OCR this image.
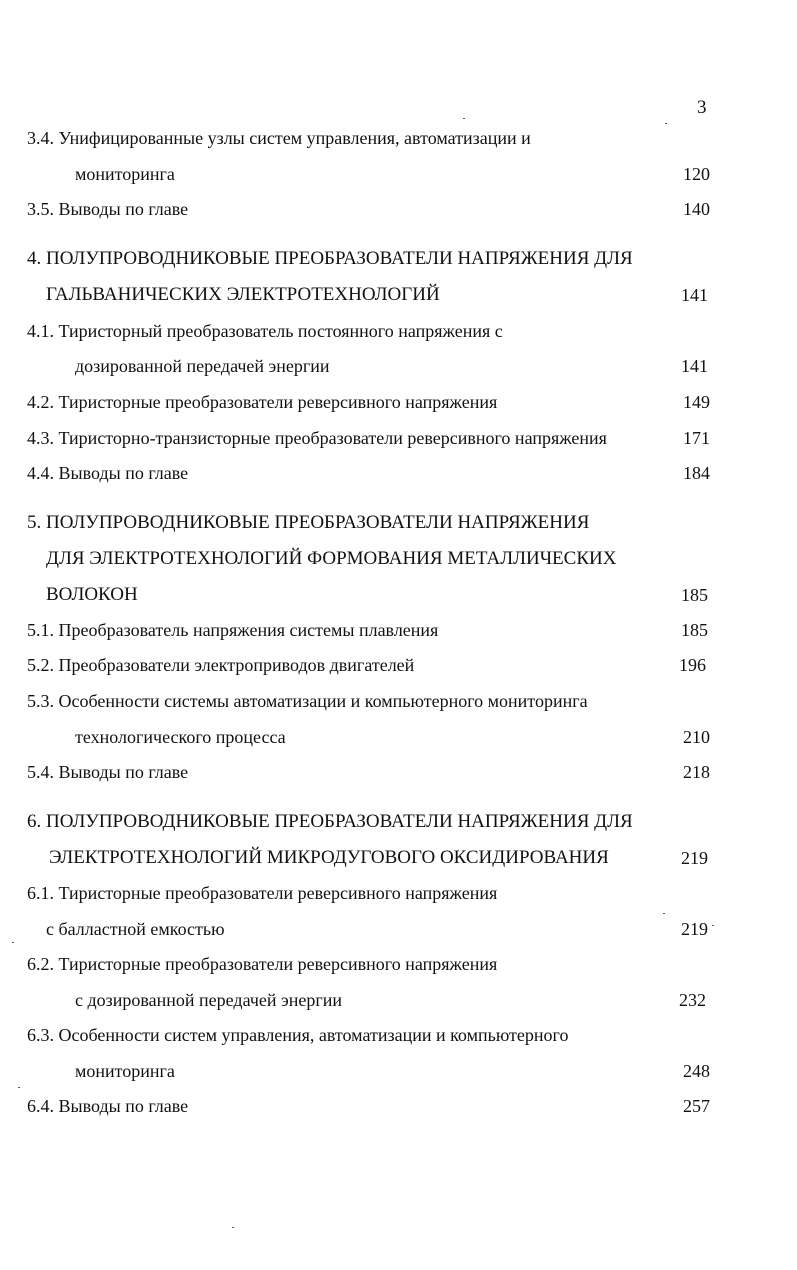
3
3.4. Унифицированные узлы систем управления, автоматизации и
мониторинга	120
3.5. Выводы по главе	140
4. ПОЛУПРОВОДНИКОВЫЕ ПРЕОБРАЗОВАТЕЛИ НАПРЯЖЕНИЯ ДЛЯ
ГАЛЬВАНИЧЕСКИХ ЭЛЕКТРОТЕХНОЛОГИЙ	141
4.1. Тиристорный преобразователь постоянного напряжения с
дозированной передачей энергии	141
4.2. Тиристорные преобразователи реверсивного напряжения	149
4.3. Тиристорно-транзисторные преобразователи реверсивного напряжения	171
4.4. Выводы по главе	184
5. ПОЛУПРОВОДНИКОВЫЕ ПРЕОБРАЗОВАТЕЛИ НАПРЯЖЕНИЯ
ДЛЯ ЭЛЕКТРОТЕХНОЛОГИЙ ФОРМОВАНИЯ МЕТАЛЛИЧЕСКИХ
ВОЛОКОН	185
5.1. Преобразователь напряжения системы плавления	185
5.2. Преобразователи электроприводов двигателей	196
5.3. Особенности системы автоматизации и компьютерного мониторинга
технологического процесса	210
5.4. Выводы по главе	218
6. ПОЛУПРОВОДНИКОВЫЕ ПРЕОБРАЗОВАТЕЛИ НАПРЯЖЕНИЯ ДЛЯ
ЭЛЕКТРОТЕХНОЛОГИЙ МИКРОДУГОВОГО ОКСИДИРОВАНИЯ	219
6.1. Тиристорные преобразователи реверсивного напряжения
с балластной емкостью	219
6.2. Тиристорные преобразователи реверсивного напряжения
с дозированной передачей энергии	232
6.3. Особенности систем управления, автоматизации и компьютерного
мониторинга	248
6.4. Выводы по главе	257
